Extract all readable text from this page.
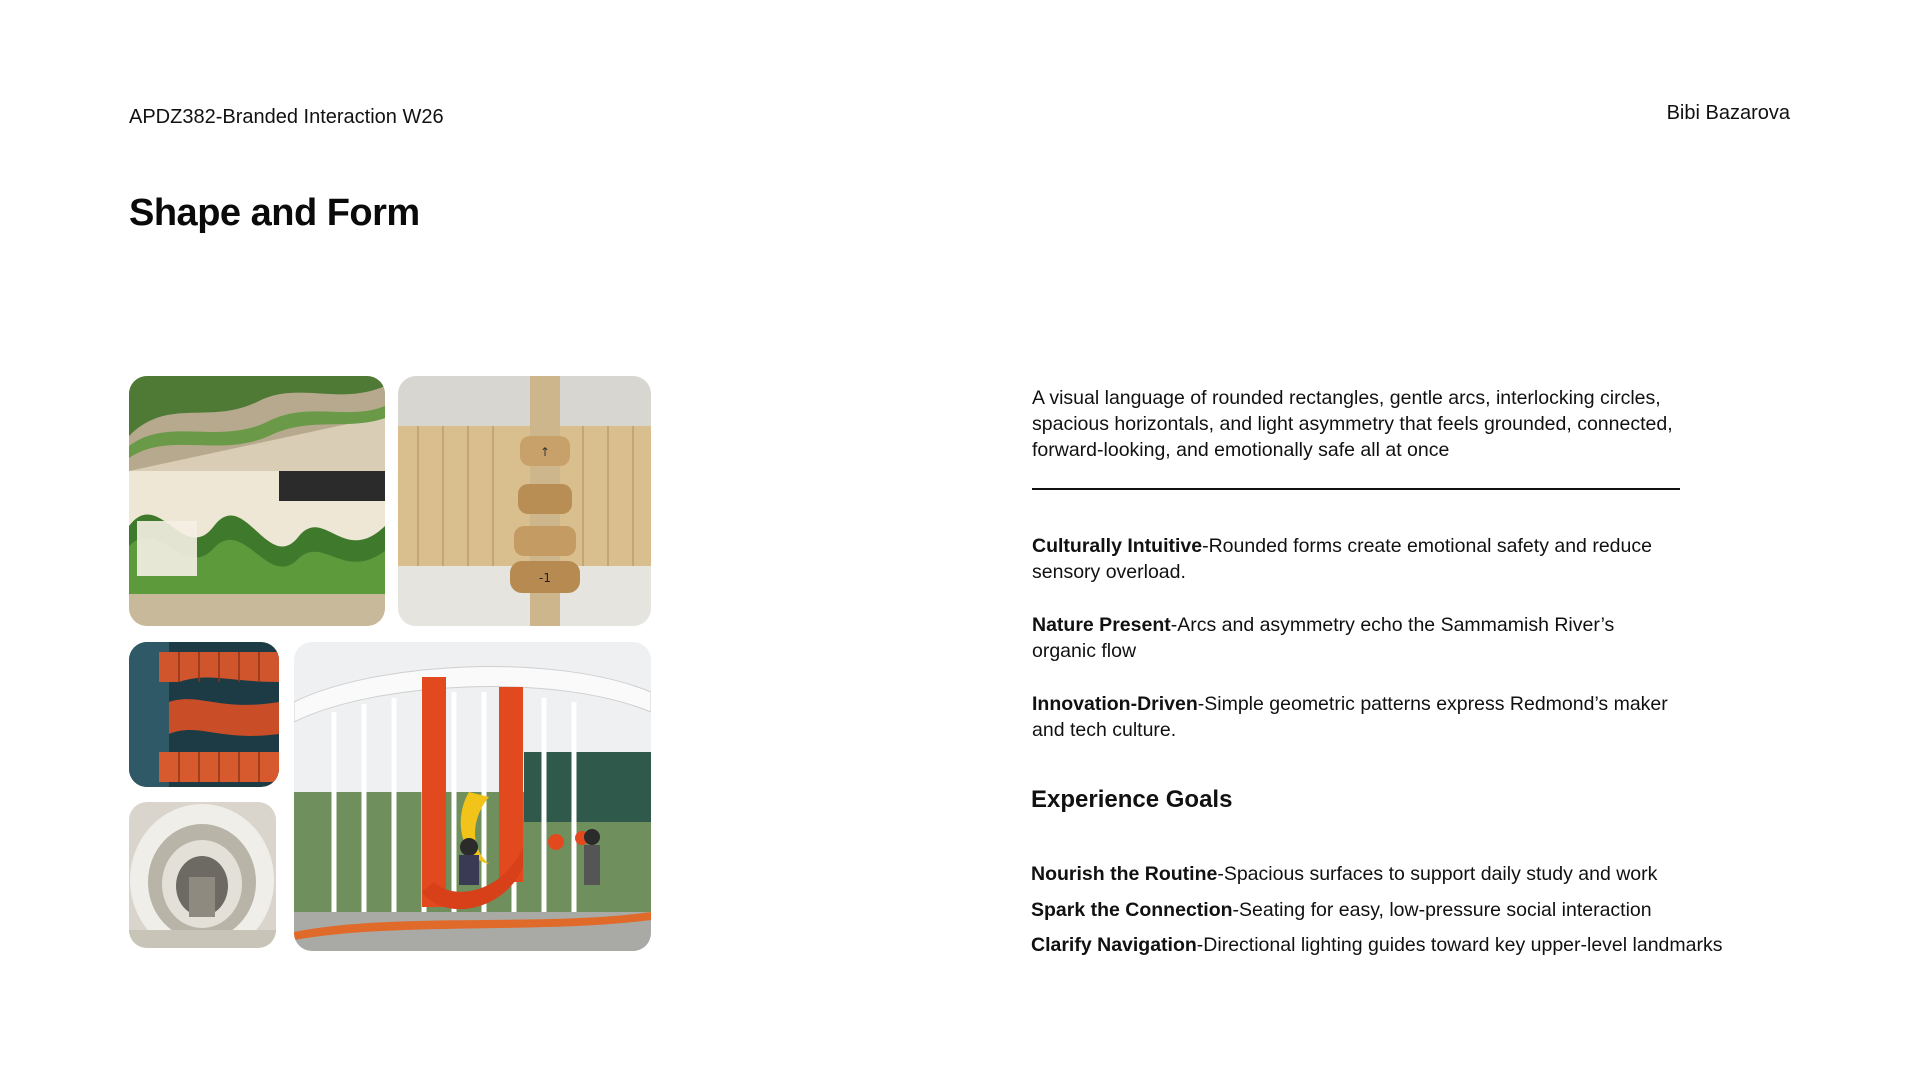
APDZ382-Branded Interaction W26	Bibi Bazarova
Shape and Form
↑
-1
A visual language of rounded rectangles, gentle arcs, interlocking circles, spacious horizontals, and light asymmetry that feels grounded, connected, forward-looking, and emotionally safe all at once
Culturally Intuitive-Rounded forms create emotional safety and reduce sensory overload.
Nature Present-Arcs and asymmetry echo the Sammamish River’s organic flow
Innovation-Driven-Simple geometric patterns express Redmond’s maker and tech culture.
Experience Goals
Nourish the Routine-Spacious surfaces to support daily study and work
Spark the Connection-Seating for easy, low-pressure social interaction
Clarify Navigation-Directional lighting guides toward key upper-level landmarks
